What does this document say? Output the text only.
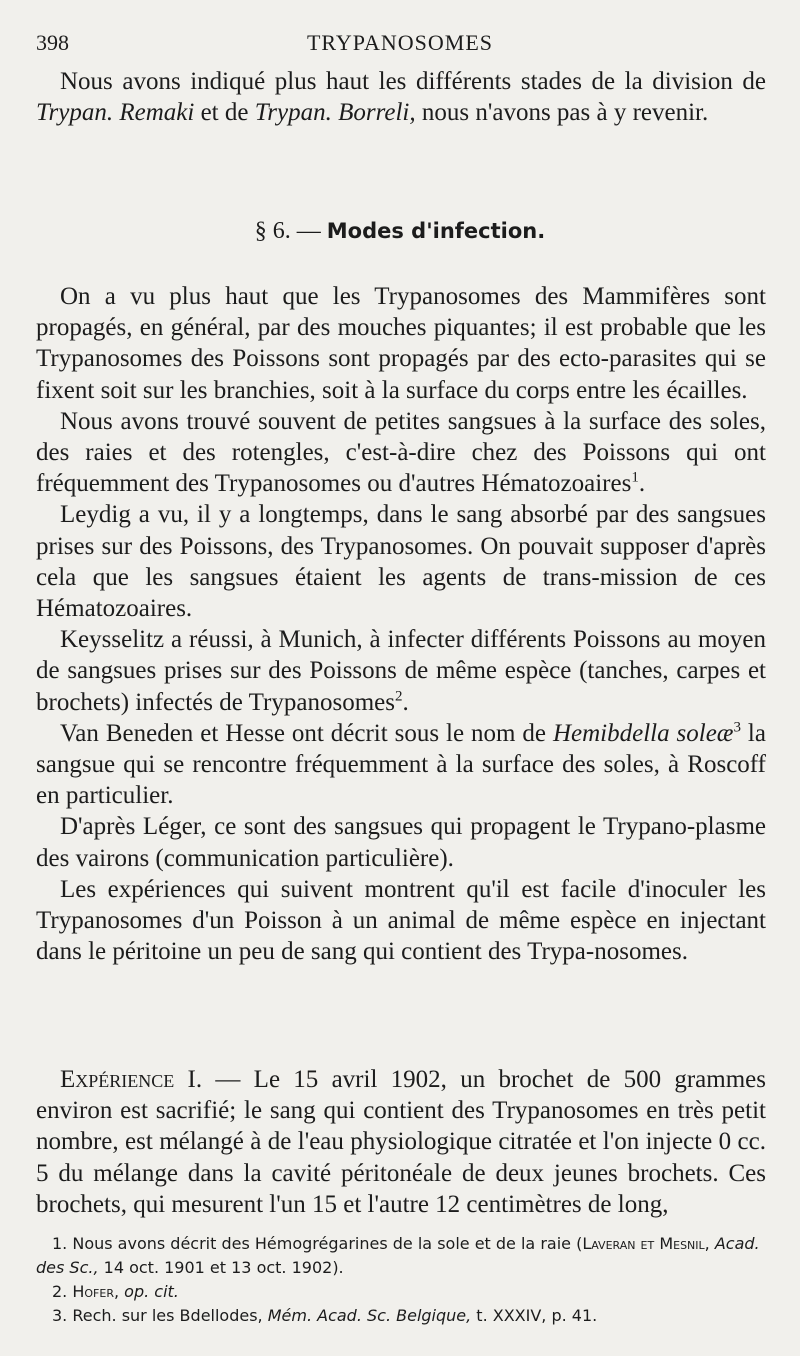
398	TRYPANOSOMES

Nous avons indiqué plus haut les différents stades de la division de Trypan. Remaki et de Trypan. Borreli, nous n'avons pas à y revenir.

§ 6. — Modes d'infection.

On a vu plus haut que les Trypanosomes des Mammifères sont propagés, en général, par des mouches piquantes; il est probable que les Trypanosomes des Poissons sont propagés par des ecto-parasites qui se fixent soit sur les branchies, soit à la surface du corps entre les écailles.

Nous avons trouvé souvent de petites sangsues à la surface des soles, des raies et des rotengles, c'est-à-dire chez des Poissons qui ont fréquemment des Trypanosomes ou d'autres Hématozoaires$^1$.

Leydig a vu, il y a longtemps, dans le sang absorbé par des sangsues prises sur des Poissons, des Trypanosomes. On pouvait supposer d'après cela que les sangsues étaient les agents de trans-mission de ces Hématozoaires.

Keysselitz a réussi, à Munich, à infecter différents Poissons au moyen de sangsues prises sur des Poissons de même espèce (tanches, carpes et brochets) infectés de Trypanosomes$^2$.

Van Beneden et Hesse ont décrit sous le nom de Hemibdella soleæ$^3$ la sangsue qui se rencontre fréquemment à la surface des soles, à Roscoff en particulier.

D'après Léger, ce sont des sangsues qui propagent le Trypano-plasme des vairons (communication particulière).

Les expériences qui suivent montrent qu'il est facile d'inoculer les Trypanosomes d'un Poisson à un animal de même espèce en injectant dans le péritoine un peu de sang qui contient des Trypa-nosomes.

Expérience I. — Le 15 avril 1902, un brochet de 500 grammes environ est sacrifié; le sang qui contient des Trypanosomes en très petit nombre, est mélangé à de l'eau physiologique citratée et l'on injecte 0 cc. 5 du mélange dans la cavité péritonéale de deux jeunes brochets. Ces brochets, qui mesurent l'un 15 et l'autre 12 centimètres de long,

1. Nous avons décrit des Hémogrégarines de la sole et de la raie (Laveran et Mesnil, Acad. des Sc., 14 oct. 1901 et 13 oct. 1902).

2. Hofer, op. cit.

3. Rech. sur les Bdellodes, Mém. Acad. Sc. Belgique, t. XXXIV, p. 41.
